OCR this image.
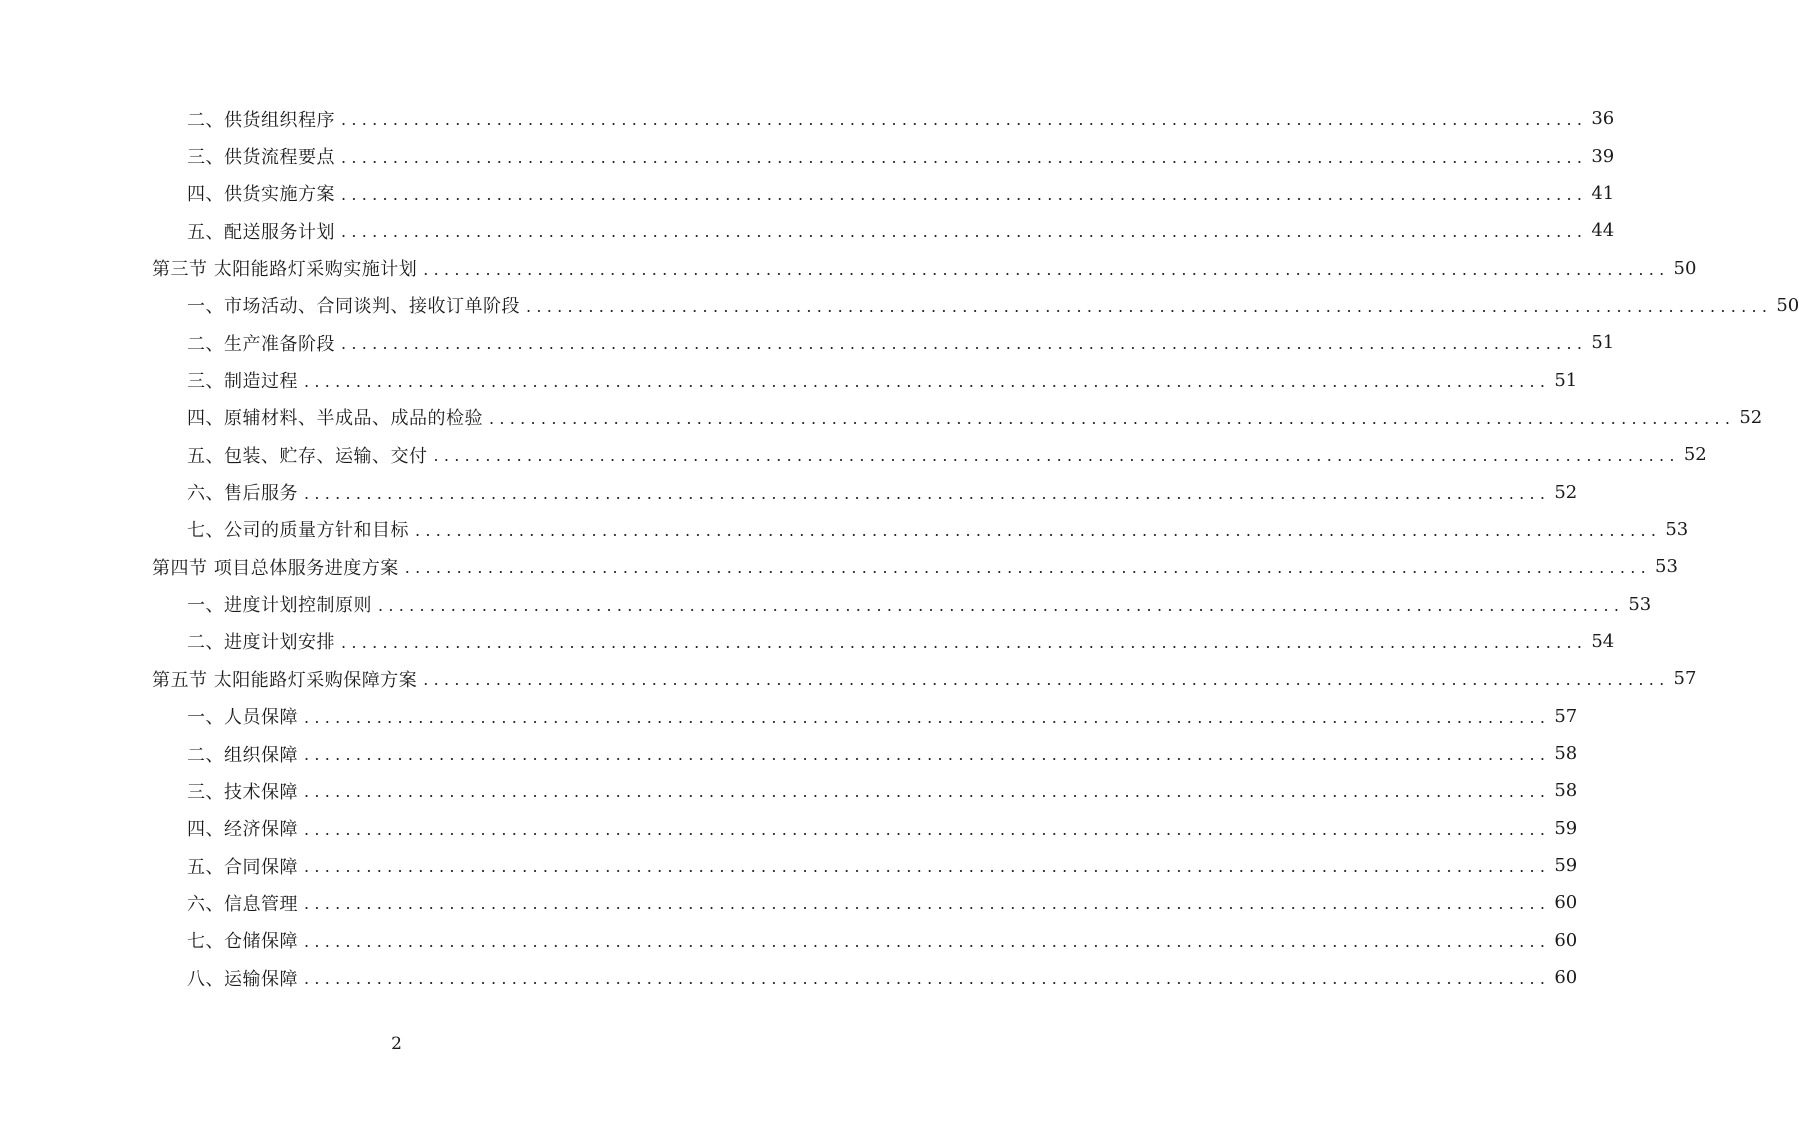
二、供货组织程序 ........................................................................................................................ 36
三、供货流程要点 ........................................................................................................................ 39
四、供货实施方案 ........................................................................................................................ 41
五、配送服务计划 ........................................................................................................................ 44
第三节 太阳能路灯采购实施计划 ........................................................................................................................ 50
一、市场活动、合同谈判、接收订单阶段 ........................................................................................................................ 50
二、生产准备阶段 ........................................................................................................................ 51
三、制造过程 ........................................................................................................................ 51
四、原辅材料、半成品、成品的检验 ........................................................................................................................ 52
五、包装、贮存、运输、交付 ........................................................................................................................ 52
六、售后服务 ........................................................................................................................ 52
七、公司的质量方针和目标 ........................................................................................................................ 53
第四节 项目总体服务进度方案 ........................................................................................................................ 53
一、进度计划控制原则 ........................................................................................................................ 53
二、进度计划安排 ........................................................................................................................ 54
第五节 太阳能路灯采购保障方案 ........................................................................................................................ 57
一、人员保障 ........................................................................................................................ 57
二、组织保障 ........................................................................................................................ 58
三、技术保障 ........................................................................................................................ 58
四、经济保障 ........................................................................................................................ 59
五、合同保障 ........................................................................................................................ 59
六、信息管理 ........................................................................................................................ 60
七、仓储保障 ........................................................................................................................ 60
八、运输保障 ........................................................................................................................ 60
2
